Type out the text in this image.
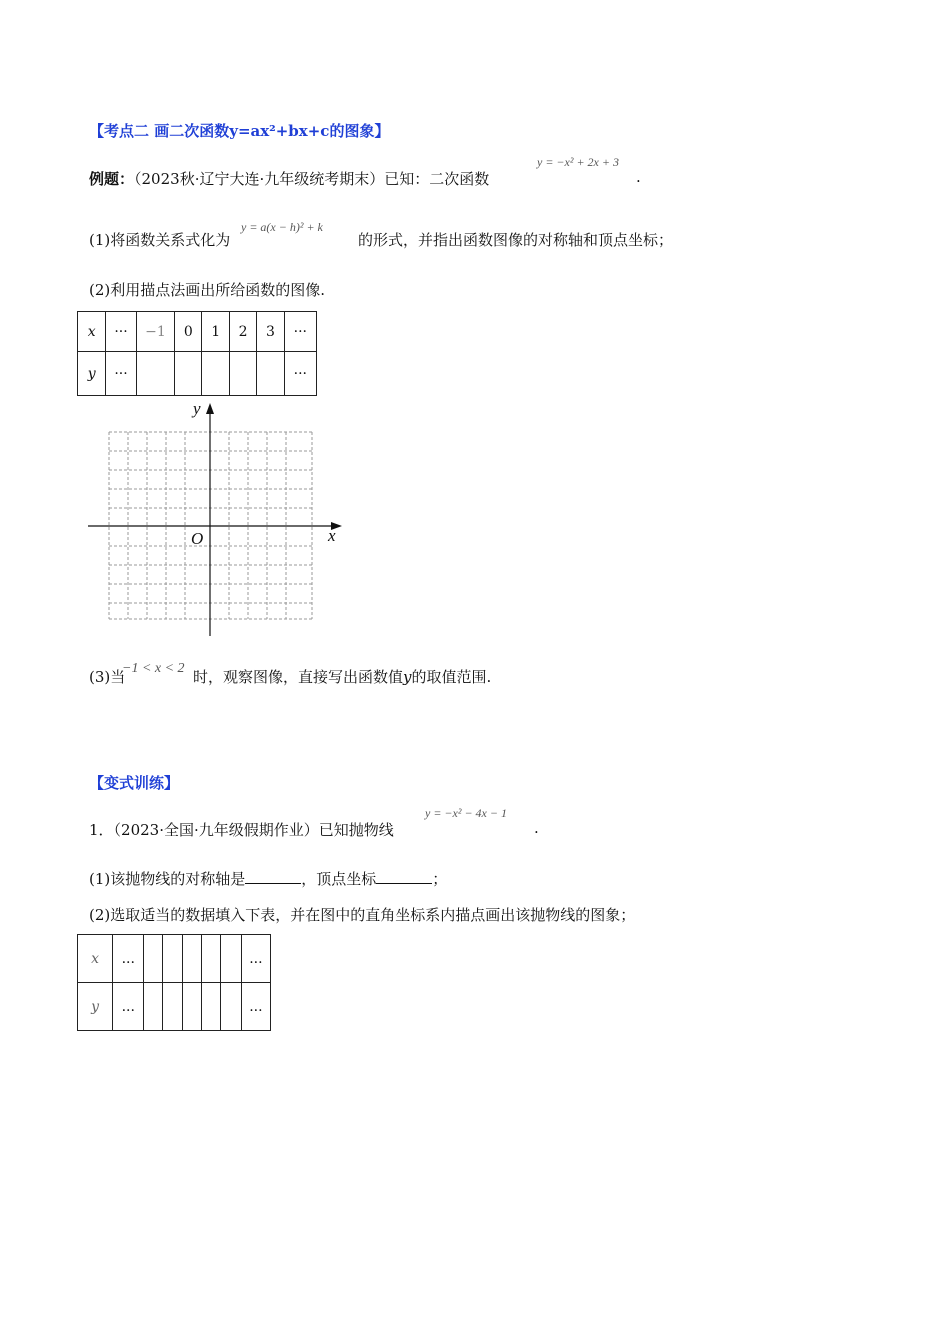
【考点二 画二次函数y=ax²+bx+c的图象】
例题：（2023秋·辽宁大连·九年级统考期末）已知：二次函数
y = −x² + 2x + 3
.
(1)将函数关系式化为
y = a(x − h)² + k
的形式，并指出函数图像的对称轴和顶点坐标；
(2)利用描点法画出所给函数的图像.
x	···	−1	0	1	2	3	···
y	···						···
y
x
O
(3)当
−1 < x < 2 时，观察图像，直接写出函数值y的取值范围.
【变式训练】
1．（2023·全国·九年级假期作业）已知抛物线
y = −x² − 4x − 1
.
(1)该抛物线的对称轴是	，顶点坐标	；
(2)选取适当的数据填入下表，并在图中的直角坐标系内描点画出该抛物线的图象；
x	...						...
y	...						...
